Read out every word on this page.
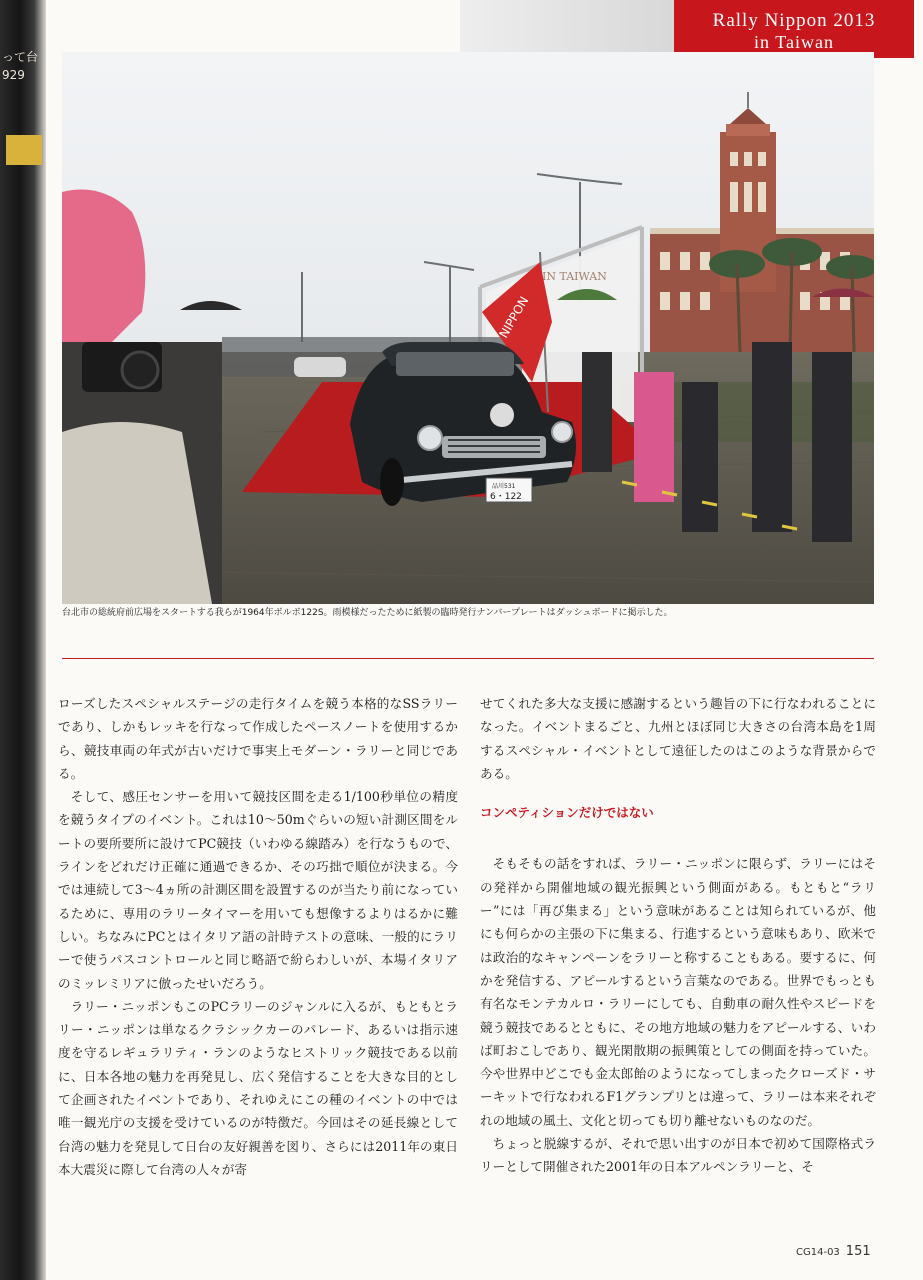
って台
929
Rally Nippon 2013
in Taiwan
IN TAIWAN
NIPPON
品川531
6・122
台北市の総統府前広場をスタートする我らが1964年ボルボ122S。雨模様だったために紙製の臨時発行ナンバープレートはダッシュボードに掲示した。

ローズしたスペシャルステージの走行タイムを競う本格的なSSラリーであり、しかもレッキを行なって作成したペースノートを使用するから、競技車両の年式が古いだけで事実上モダーン・ラリーと同じである。

そして、感圧センサーを用いて競技区間を走る1/100秒単位の精度を競うタイプのイベント。これは10〜50mぐらいの短い計測区間をルートの要所要所に設けてPC競技（いわゆる線踏み）を行なうもので、ラインをどれだけ正確に通過できるか、その巧拙で順位が決まる。今では連続して3〜4ヵ所の計測区間を設置するのが当たり前になっているために、専用のラリータイマーを用いても想像するよりはるかに難しい。ちなみにPCとはイタリア語の計時テストの意味、一般的にラリーで使うパスコントロールと同じ略語で紛らわしいが、本場イタリアのミッレミリアに倣ったせいだろう。

ラリー・ニッポンもこのPCラリーのジャンルに入るが、もともとラリー・ニッポンは単なるクラシックカーのパレード、あるいは指示速度を守るレギュラリティ・ランのようなヒストリック競技である以前に、日本各地の魅力を再発見し、広く発信することを大きな目的として企画されたイベントであり、それゆえにこの種のイベントの中では唯一観光庁の支援を受けているのが特徴だ。今回はその延長線として台湾の魅力を発見して日台の友好親善を図り、さらには2011年の東日本大震災に際して台湾の人々が寄

せてくれた多大な支援に感謝するという趣旨の下に行なわれることになった。イベントまるごと、九州とほぼ同じ大きさの台湾本島を1周するスペシャル・イベントとして遠征したのはこのような背景からである。

コンペティションだけではない

そもそもの話をすれば、ラリー・ニッポンに限らず、ラリーにはその発祥から開催地域の観光振興という側面がある。もともと“ラリー”には「再び集まる」という意味があることは知られているが、他にも何らかの主張の下に集まる、行進するという意味もあり、欧米では政治的なキャンペーンをラリーと称することもある。要するに、何かを発信する、アピールするという言葉なのである。世界でもっとも有名なモンテカルロ・ラリーにしても、自動車の耐久性やスピードを競う競技であるとともに、その地方地域の魅力をアピールする、いわば町おこしであり、観光閑散期の振興策としての側面を持っていた。今や世界中どこでも金太郎飴のようになってしまったクローズド・サーキットで行なわれるF1グランプリとは違って、ラリーは本来それぞれの地域の風土、文化と切っても切り離せないものなのだ。

ちょっと脱線するが、それで思い出すのが日本で初めて国際格式ラリーとして開催された2001年の日本アルペンラリーと、そ

CG14-03 151
